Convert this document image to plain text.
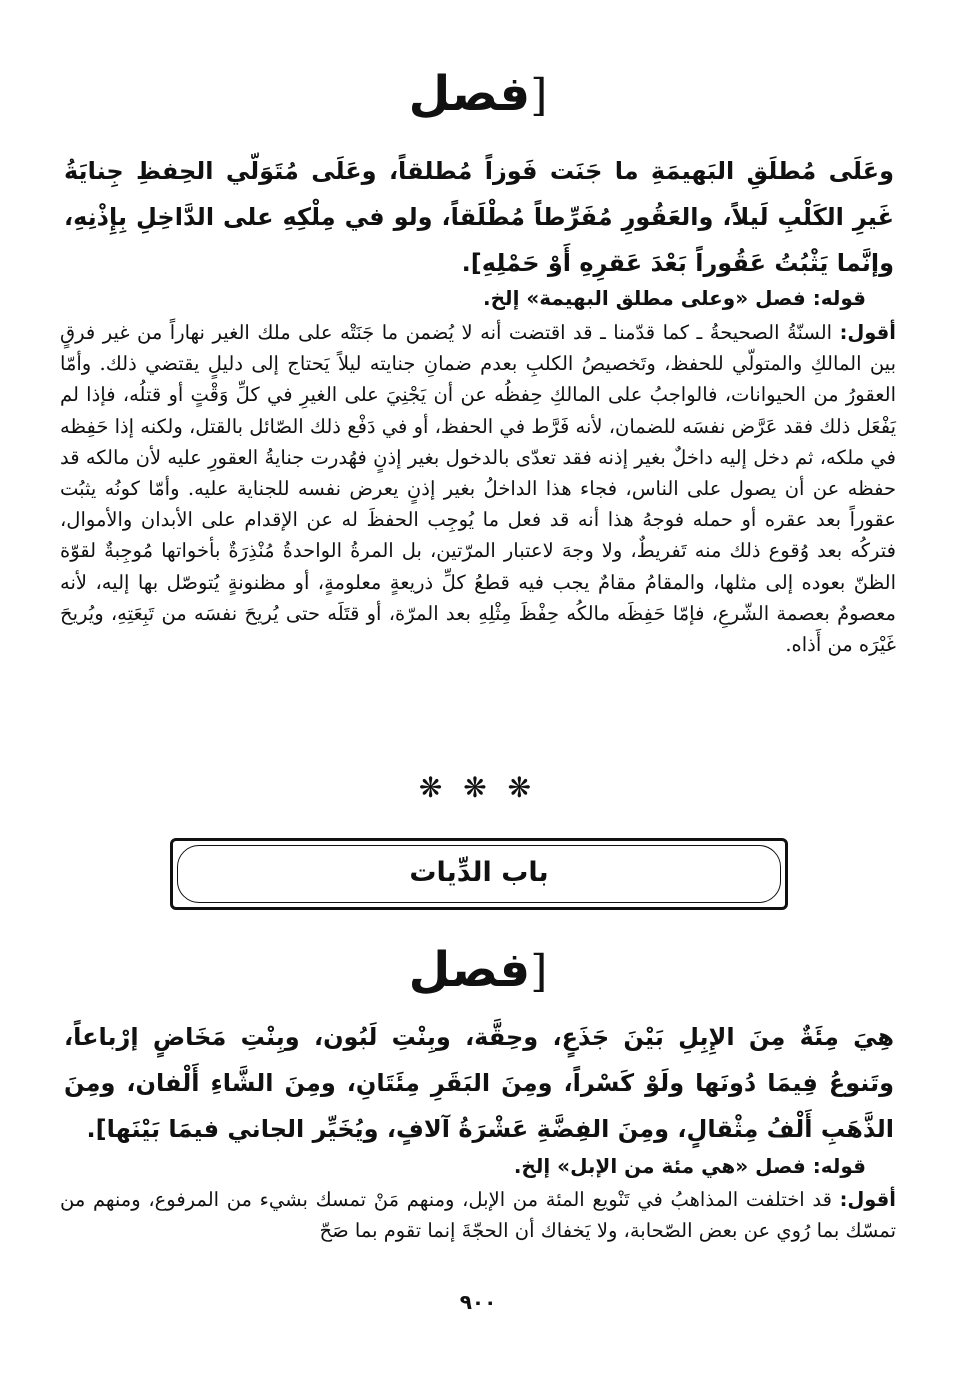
[فصل
وعَلَى مُطلَقِ البَهيمَةِ ما جَنَت فَوزاً مُطلقاً، وعَلَى مُتَوَلّي الحِفظِ جِنايَةُ غَيرِ الكَلْبِ لَيلاً، والعَقُورِ مُفَرِّطاً مُطْلَقاً، ولو في مِلْكِهِ على الدَّاخِلِ بِإِذْنِهِ، وإنَّما يَثْبُتُ عَقُوراً بَعْدَ عَقرِهِ أَوْ حَمْلِهِ].
قوله: فصل «وعلى مطلق البهيمة» إلخ.
أقول: السنّةُ الصحيحةُ ـ كما قدّمنا ـ قد اقتضت أنه لا يُضمن ما جَنَتْه على ملك الغير نهاراً من غير فرقٍ بين المالكِ والمتولّي للحفظ، وتَخصيصُ الكلبِ بعدم ضمانِ جنايته ليلاً يَحتاج إلى دليلٍ يقتضي ذلك. وأمّا العقورُ من الحيوانات، فالواجبُ على المالكِ حِفظُه عن أن يَجْنِيَ على الغيرِ في كلِّ وَقْتٍ أو قتلُه، فإذا لم يَفْعَل ذلك فقد عَرَّض نفسَه للضمان، لأنه فَرَّط في الحفظ، أو في دَفْع ذلك الصّائل بالقتل، ولكنه إذا حَفِظه في ملكه، ثم دخل إليه داخلٌ بغير إذنه فقد تعدّى بالدخول بغير إذنٍ فهُدرت جنايةُ العقورِ عليه لأن مالكه قد حفظه عن أن يصول على الناس، فجاء هذا الداخلُ بغير إذنٍ يعرض نفسه للجناية عليه. وأمّا كونُه يثبُت عقوراً بعد عقره أو حمله فوجهُ هذا أنه قد فعل ما يُوجِب الحفظَ له عن الإقدام على الأبدان والأموال، فتركُه بعد وُقوع ذلك منه تَفريطٌ، ولا وجهَ لاعتبار المرّتين، بل المرةُ الواحدةُ مُنْذِرَةٌ بأخواتها مُوجِبةٌ لقوّة الظنّ بعوده إلى مثلها، والمقامُ مقامٌ يجب فيه قطعُ كلِّ ذريعةٍ معلومةٍ، أو مظنونةٍ يُتوصّل بها إليه، لأنه معصومٌ بعصمة الشّرعِ، فإمّا حَفِظَه مالكُه حِفْظَ مِثْلِهِ بعد المرّة، أو قتَلَه حتى يُريحَ نفسَه من تَبِعَتِهِ، ويُريحَ غَيْرَه من أَذاه.
❋ ❋ ❋
باب الدِّيات
[فصل
هِيَ مِئَةٌ مِنَ الإِبِلِ بَيْنَ جَذَعٍ، وحِقَّة، وبِنْتِ لَبُون، وبِنْتِ مَخَاضٍ إرْباعاً، وتَنوعُ فِيمَا دُونَها ولَوْ كَسْراً، ومِنَ البَقَرِ مِئَتَانِ، ومِنَ الشَّاءِ أَلْفان، ومِنَ الذَّهَبِ أَلْفُ مِثْقالٍ، ومِنَ الفِضَّةِ عَشْرَةُ آلافٍ، ويُخَيِّر الجاني فيمَا بَيْنَها].
قوله: فصل «هي مئة من الإبل» إلخ.
أقول: قد اختلفت المذاهبُ في تَنْويع المئة من الإبل، ومنهم مَنْ تمسك بشيء من المرفوع، ومنهم من تمسّك بما رُوي عن بعض الصّحابة، ولا يَخفاك أن الحجّةَ إنما تقوم بما صَحّ
٩٠٠
